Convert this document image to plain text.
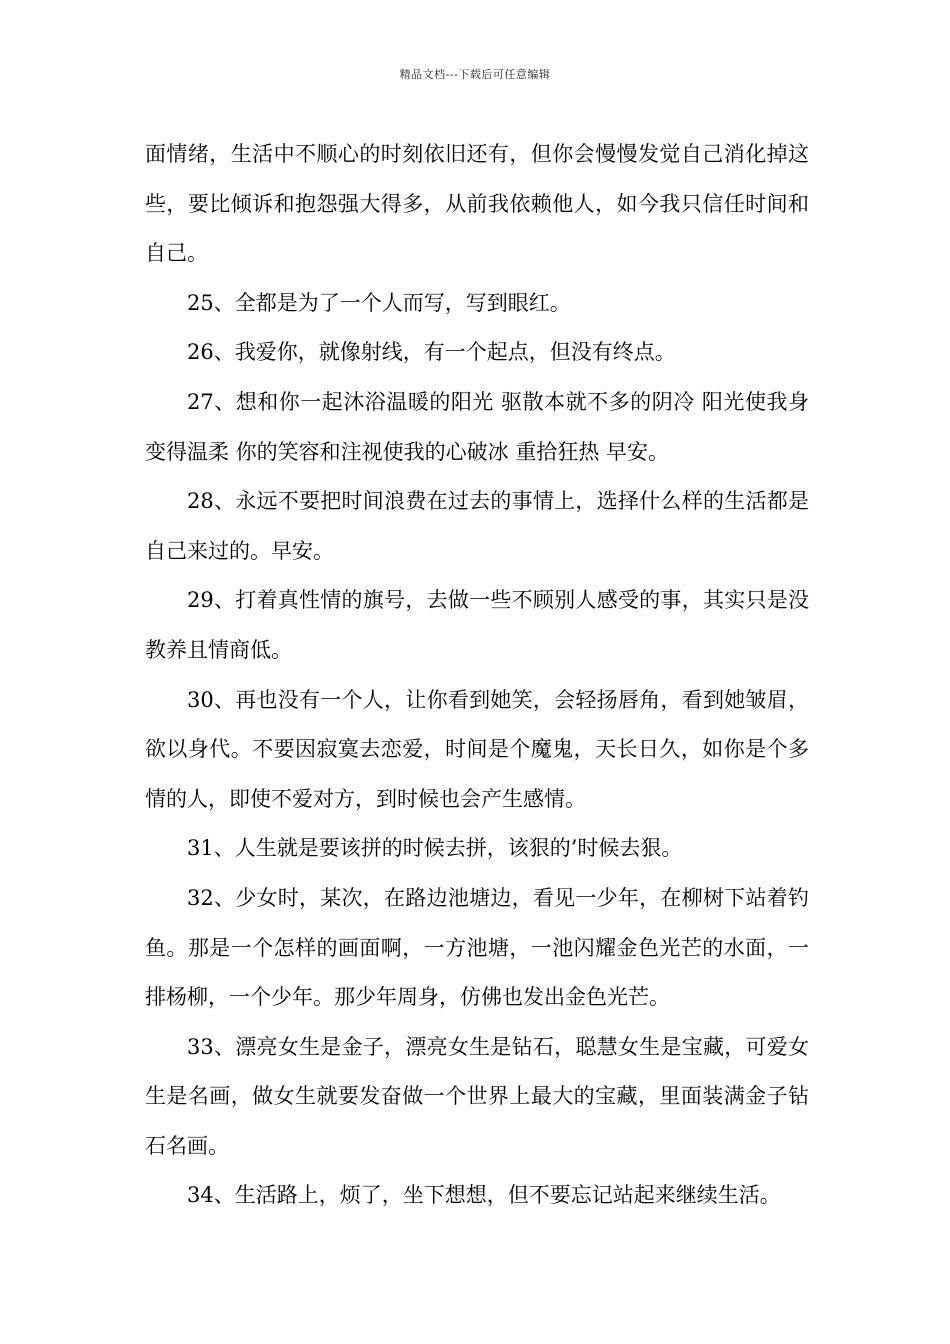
精品文档---下载后可任意编辑

面情绪，生活中不顺心的时刻依旧还有，但你会慢慢发觉自己消化掉这些，要比倾诉和抱怨强大得多，从前我依赖他人，如今我只信任时间和自己。

25、全都是为了一个人而写，写到眼红。

26、我爱你，就像射线，有一个起点，但没有终点。

27、想和你一起沐浴温暖的阳光 驱散本就不多的阴冷 阳光使我身变得温柔 你的笑容和注视使我的心破冰 重拾狂热 早安。

28、永远不要把时间浪费在过去的事情上，选择什么样的生活都是自己来过的。早安。

29、打着真性情的旗号，去做一些不顾别人感受的事，其实只是没教养且情商低。

30、再也没有一个人，让你看到她笑，会轻扬唇角，看到她皱眉，欲以身代。不要因寂寞去恋爱，时间是个魔鬼，天长日久，如你是个多情的人，即使不爱对方，到时候也会产生感情。

31、人生就是要该拼的时候去拼，该狠的’时候去狠。

32、少女时，某次，在路边池塘边，看见一少年，在柳树下站着钓鱼。那是一个怎样的画面啊，一方池塘，一池闪耀金色光芒的水面，一排杨柳，一个少年。那少年周身，仿佛也发出金色光芒。

33、漂亮女生是金子，漂亮女生是钻石，聪慧女生是宝藏，可爱女生是名画，做女生就要发奋做一个世界上最大的宝藏，里面装满金子钻石名画。

34、生活路上，烦了，坐下想想，但不要忘记站起来继续生活。
